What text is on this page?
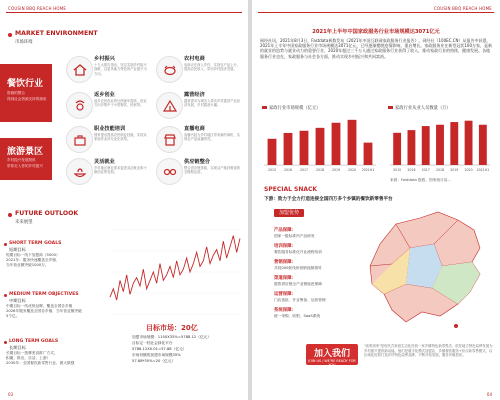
COUSIN BBQ REACH HOME
MARKET ENVIRONMENT
市场环境
餐饮行业
资源的整合
得到社会资源支持的源泉
旅游景区
乡村振兴发展契机
带你走入你的乡村振兴
乡村振兴
十九大报告指出，坚定实施乡村振兴战略，以更具地方特色的产业振兴为方向。
农村电商
电商正在深入乡村，实现农产品上行，提高农民收入，带动乡村经济发展。
返乡创业
返乡农民创业的比例逐年提高，创业方向多集中于小型餐饮、民宿等。
露营经济
露营需求为城市人带动乡村露营产业经济发展，乡村露营火爆。
职业技能培训
国家提出提高农民职业技能，实现从家庭作业向专业化转型。
直播电商
直播兴起为乡村地区带来新的商机，实现农产品直播带货。
灵活就业
乡村地区就业需求促进灵活就业和小微创业的发展。
供应链整合
整合供应链资源，实现从产地到餐桌的全链路运营。
FUTURE OUTLOOK
未来展望
SHORT TERM GOALS
短期目标
短期目标一线下加盟商（5000）
2021年：服务快速覆盖全乡镇、
当年营业额突破1000万。
MEDIUM TERM OBJECTIVES
中期目标
中期目标一线优势品牌，覆盖全国各乡镇
2026年服务覆盖全国各乡镇，当年营业额突破
5个亿。
LONG TERM GOALS
长期目标
长期目标一按摩美食推广方式，
积累，推出，乐活，上游）
2030年：全国餐饮新零售行业，做大做强
目标市场：20亿
加盟市场规模：1150X35%=5788.12（亿元）
目标定一档社会绿化平台
5788.12X0.01=57.88（亿元）
市场份额的加盟市场规模35%
57.88*35%=20（亿元）
03
COUSIN BBQ REACH HOME
2021年上半年中国家政服务行业市场规模达3071亿元
网经社讯，2021年8月3日，Fastdata极数发布《2021年中国互联网家政服务行业报告》。网经社（100EC.CN）从报告中获悉，2021年上半年中国家政服务行业市场规模达3071亿元，已经逐渐摆脱疫情影响，重启增长。家政服务业在新型冠状100万家，是新的就业的趋势与就业动力的重要行业，2020年超过三千万人通过家政服务行业获得了收入，推动家政行业的持续，健康发展。各地服务行业也在，家政服务与社会各方面，推动实现乡村振兴和共同富裕。
家政行业市场规模（亿元）
2015 2016 2017 2018 2019 2020 2021H1
家政行业从业人员数量（万）
2015 2016 2017 2018 2019 2020 2021H1
来源：Fastdata 极数，国家统计局...
SPECIAL SNACK
下游：致力于全力打造连接全国四万多个乡镇的餐饮新零售平台
加盟优势
产品保障：
国家一级标准肉产品研发
培训保障：
餐饮服务标准化开业流程培训
营销保障：
共同000套线体营销视频指导
渠道保障：
数智供应链全产业链规范保障
运营保障：
门店选址、开业筹备、运营管理
系统保障：
统一采购、收银、SaaS系统
加入我们
JOIN US / WE'RE READY FOR YOU
"表哥到家"是现代式家庭生活化经营一家乡镇特色新零售店，依托地方特色烧烤发展为乡村振兴提供新动能。他们是数字化模式加盟店，乡镇餐饮服务+综合新零售模式，以区域化优势打造乡村特色烧烤品牌，不断开拓发展，服务乡镇居民。
04
